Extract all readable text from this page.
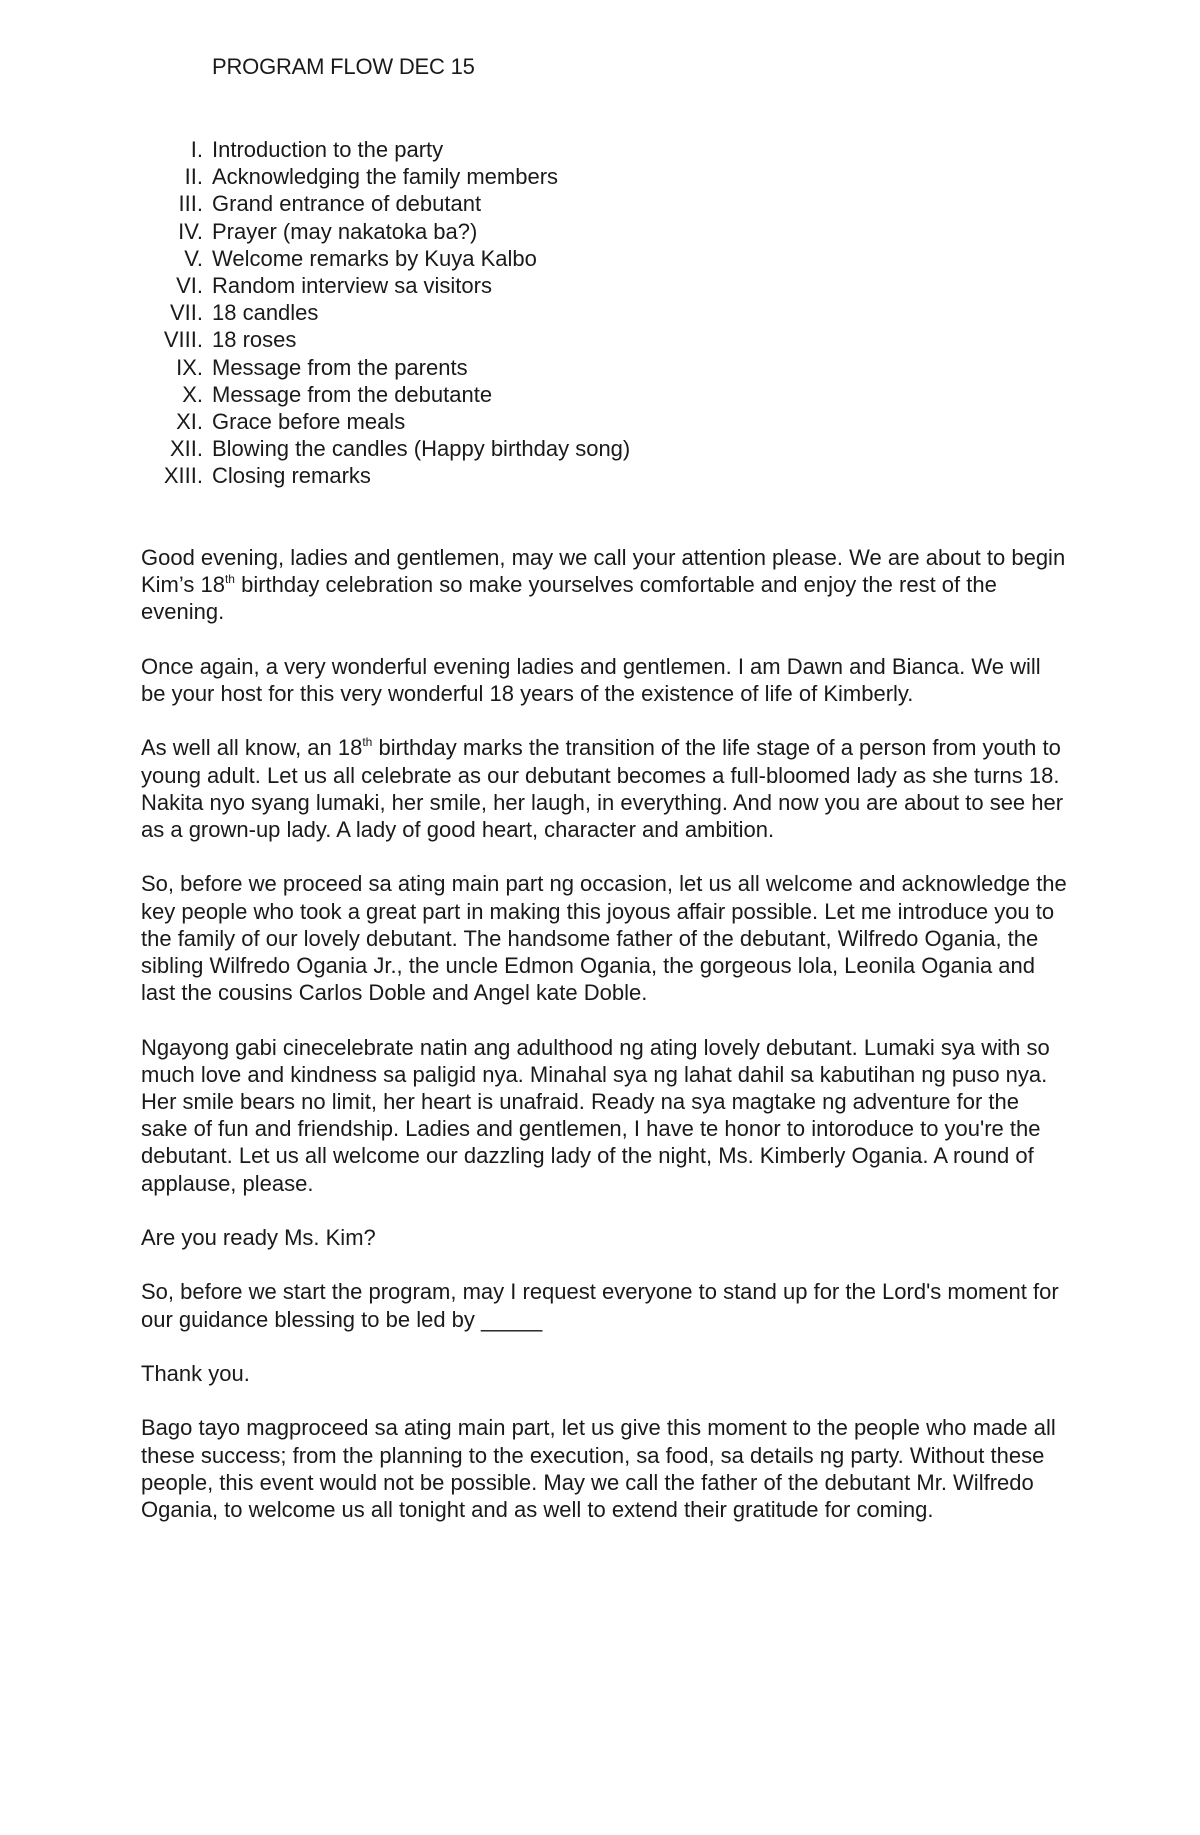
PROGRAM FLOW DEC 15
I. Introduction to the party
II. Acknowledging the family members
III. Grand entrance of debutant
IV. Prayer (may nakatoka ba?)
V. Welcome remarks by Kuya Kalbo
VI. Random interview sa visitors
VII. 18 candles
VIII. 18 roses
IX. Message from the parents
X. Message from the debutante
XI. Grace before meals
XII. Blowing the candles (Happy birthday song)
XIII. Closing remarks

Good evening, ladies and gentlemen, may we call your attention please. We are about to begin Kim’s 18th birthday celebration so make yourselves comfortable and enjoy the rest of the evening.

Once again, a very wonderful evening ladies and gentlemen. I am Dawn and Bianca. We will be your host for this very wonderful 18 years of the existence of life of Kimberly.

As well all know, an 18th birthday marks the transition of the life stage of a person from youth to young adult. Let us all celebrate as our debutant becomes a full-bloomed lady as she turns 18. Nakita nyo syang lumaki, her smile, her laugh, in everything. And now you are about to see her as a grown-up lady. A lady of good heart, character and ambition.

So, before we proceed sa ating main part ng occasion, let us all welcome and acknowledge the key people who took a great part in making this joyous affair possible. Let me introduce you to the family of our lovely debutant. The handsome father of the debutant, Wilfredo Ogania, the sibling Wilfredo Ogania Jr., the uncle Edmon Ogania, the gorgeous lola, Leonila Ogania and last the cousins Carlos Doble and Angel kate Doble.

Ngayong gabi cinecelebrate natin ang adulthood ng ating lovely debutant. Lumaki sya with so much love and kindness sa paligid nya. Minahal sya ng lahat dahil sa kabutihan ng puso nya. Her smile bears no limit, her heart is unafraid. Ready na sya magtake ng adventure for the sake of fun and friendship. Ladies and gentlemen, I have te honor to intoroduce to you're the debutant. Let us all welcome our dazzling lady of the night, Ms. Kimberly Ogania. A round of applause, please.

Are you ready Ms. Kim?

So, before we start the program, may I request everyone to stand up for the Lord's moment for our guidance blessing to be led by _____

Thank you.

Bago tayo magproceed sa ating main part, let us give this moment to the people who made all these success; from the planning to the execution, sa food, sa details ng party. Without these people, this event would not be possible. May we call the father of the debutant Mr. Wilfredo Ogania, to welcome us all tonight and as well to extend their gratitude for coming.
